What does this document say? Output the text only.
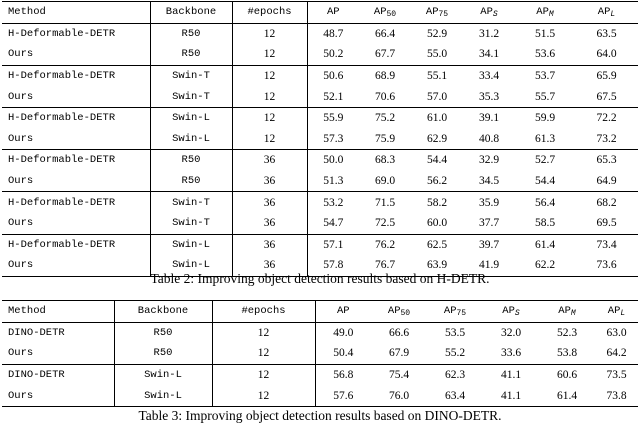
Method	Backbone	#epochs	AP	$AP_{50}$	$AP_{75}$	$AP_S$	$AP_M$	$AP_L$
H-Deformable-DETR	R50	12	48.7	66.4	52.9	31.2	51.5	63.5
Ours	R50	12	50.2	67.7	55.0	34.1	53.6	64.0
H-Deformable-DETR	Swin-T	12	50.6	68.9	55.1	33.4	53.7	65.9
Ours	Swin-T	12	52.1	70.6	57.0	35.3	55.7	67.5
H-Deformable-DETR	Swin-L	12	55.9	75.2	61.0	39.1	59.9	72.2
Ours	Swin-L	12	57.3	75.9	62.9	40.8	61.3	73.2
H-Deformable-DETR	R50	36	50.0	68.3	54.4	32.9	52.7	65.3
Ours	R50	36	51.3	69.0	56.2	34.5	54.4	64.9
H-Deformable-DETR	Swin-T	36	53.2	71.5	58.2	35.9	56.4	68.2
Ours	Swin-T	36	54.7	72.5	60.0	37.7	58.5	69.5
H-Deformable-DETR	Swin-L	36	57.1	76.2	62.5	39.7	61.4	73.4
Ours	Swin-L	36	57.8	76.7	63.9	41.9	62.2	73.6
Table 2: Improving object detection results based on H-DETR.
Method	Backbone	#epochs	AP	$AP_{50}$	$AP_{75}$	$AP_S$	$AP_M$	$AP_L$
DINO-DETR	R50	12	49.0	66.6	53.5	32.0	52.3	63.0
Ours	R50	12	50.4	67.9	55.2	33.6	53.8	64.2
DINO-DETR	Swin-L	12	56.8	75.4	62.3	41.1	60.6	73.5
Ours	Swin-L	12	57.6	76.0	63.4	41.1	61.4	73.8
Table 3: Improving object detection results based on DINO-DETR.
